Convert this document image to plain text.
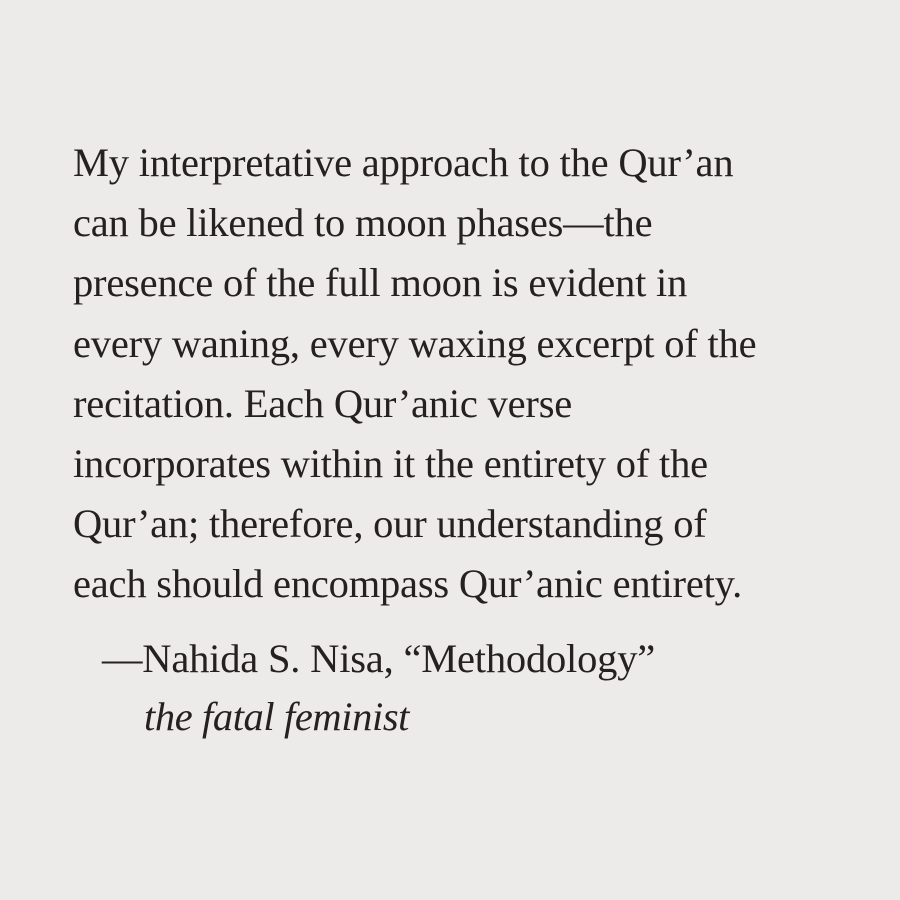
My interpretative approach to the Qur’an
can be likened to moon phases—the
presence of the full moon is evident in
every waning, every waxing excerpt of the
recitation. Each Qur’anic verse
incorporates within it the entirety of the
Qur’an; therefore, our understanding of
each should encompass Qur’anic entirety.

—Nahida S. Nisa, “Methodology”

the fatal feminist
